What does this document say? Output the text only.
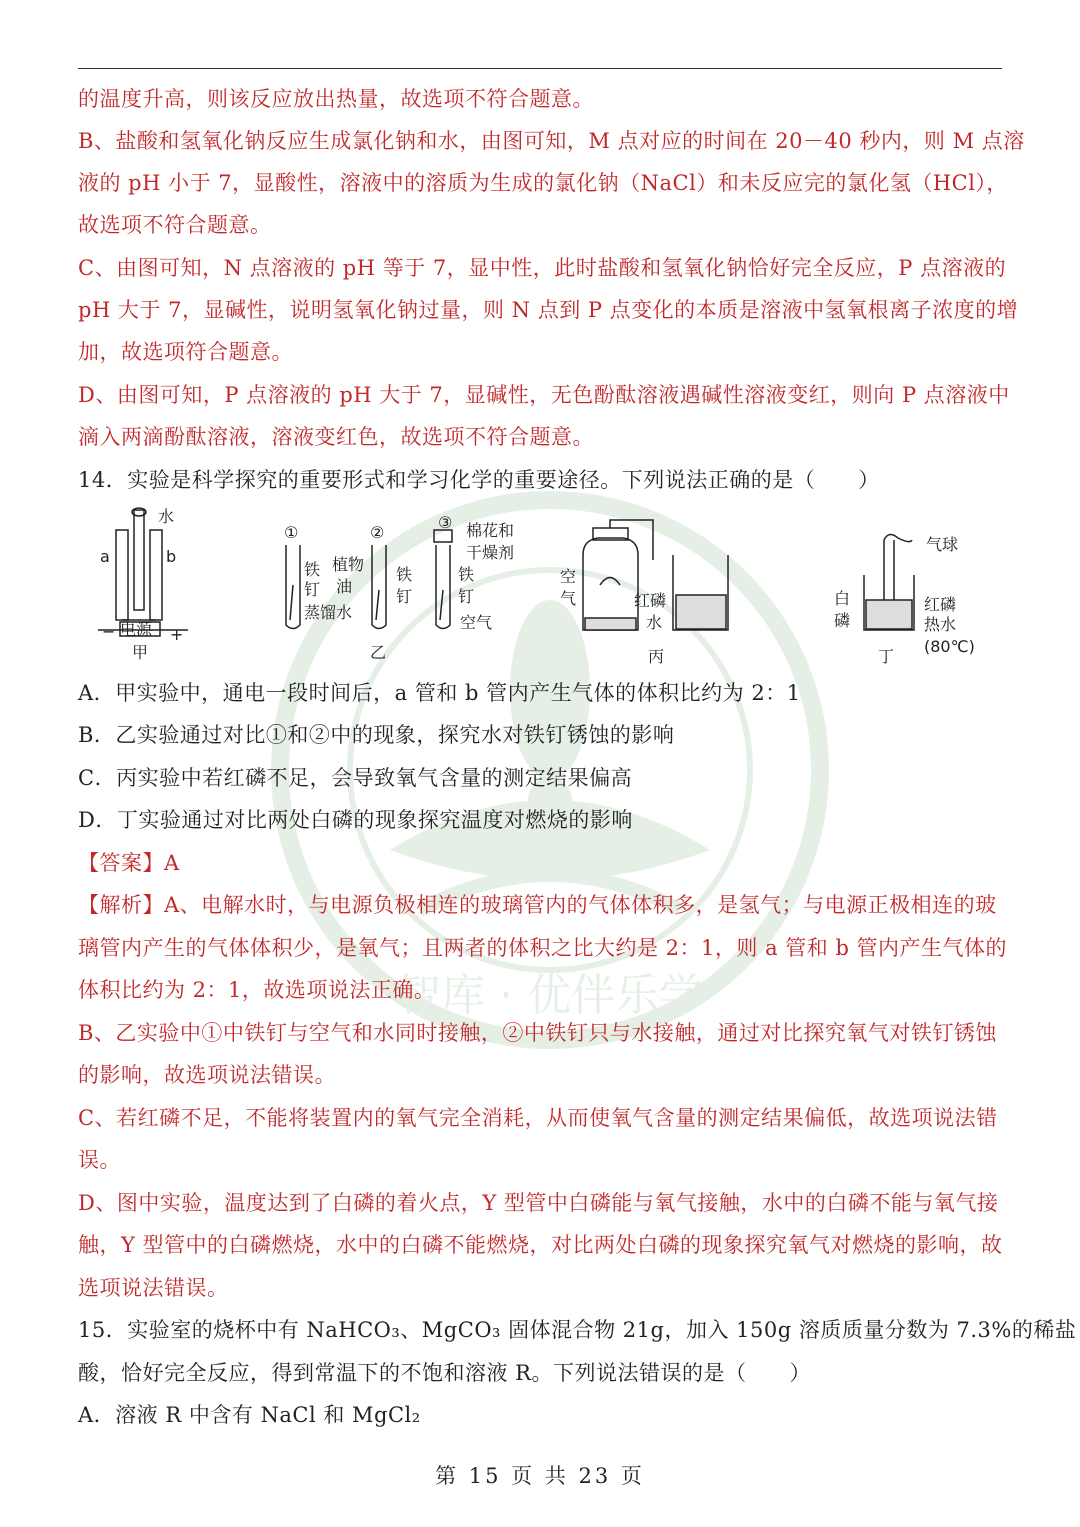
智库 · 优伴乐学
的温度升高，则该反应放出热量，故选项不符合题意。
B、盐酸和氢氧化钠反应生成氯化钠和水，由图可知，M 点对应的时间在 20－40 秒内，则 M 点溶
液的 pH 小于 7，显酸性，溶液中的溶质为生成的氯化钠（NaCl）和未反应完的氯化氢（HCl），
故选项不符合题意。
C、由图可知，N 点溶液的 pH 等于 7，显中性，此时盐酸和氢氧化钠恰好完全反应，P 点溶液的
pH 大于 7，显碱性，说明氢氧化钠过量，则 N 点到 P 点变化的本质是溶液中氢氧根离子浓度的增
加，故选项符合题意。
D、由图可知，P 点溶液的 pH 大于 7，显碱性，无色酚酞溶液遇碱性溶液变红，则向 P 点溶液中
滴入两滴酚酞溶液，溶液变红色，故选项不符合题意。
14．实验是科学探究的重要形式和学习化学的重要途径。下列说法正确的是（　　）
A．甲实验中，通电一段时间后，a 管和 b 管内产生气体的体积比约为 2：1
B．乙实验通过对比①和②中的现象，探究水对铁钉锈蚀的影响
C．丙实验中若红磷不足，会导致氧气含量的测定结果偏高
D．丁实验通过对比两处白磷的现象探究温度对燃烧的影响
【答案】A
【解析】A、电解水时，与电源负极相连的玻璃管内的气体体积多，是氢气；与电源正极相连的玻
璃管内产生的气体体积少，是氧气；且两者的体积之比大约是 2：1，则 a 管和 b 管内产生气体的
体积比约为 2：1，故选项说法正确。
B、乙实验中①中铁钉与空气和水同时接触，②中铁钉只与水接触，通过对比探究氧气对铁钉锈蚀
的影响，故选项说法错误。
C、若红磷不足，不能将装置内的氧气完全消耗，从而使氧气含量的测定结果偏低，故选项说法错
误。
D、图中实验，温度达到了白磷的着火点，Y 型管中白磷能与氧气接触，水中的白磷不能与氧气接
触，Y 型管中的白磷燃烧，水中的白磷不能燃烧，对比两处白磷的现象探究氧气对燃烧的影响，故
选项说法错误。
15．实验室的烧杯中有 NaHCO₃、MgCO₃ 固体混合物 21g，加入 150g 溶质质量分数为 7.3%的稀盐
酸，恰好完全反应，得到常温下的不饱和溶液 R。下列说法错误的是（　　）
A．溶液 R 中含有 NaCl 和 MgCl₂
水
a	b
电源
−	+
甲
①	②
③
铁
钉
蒸馏水
植物
油
铁
钉
棉花和
干燥剂
铁
钉
空气
乙
空
气	红磷
水
丙
气球
白
磷
红磷
热水
(80℃)
丁
第 15 页 共 23 页
